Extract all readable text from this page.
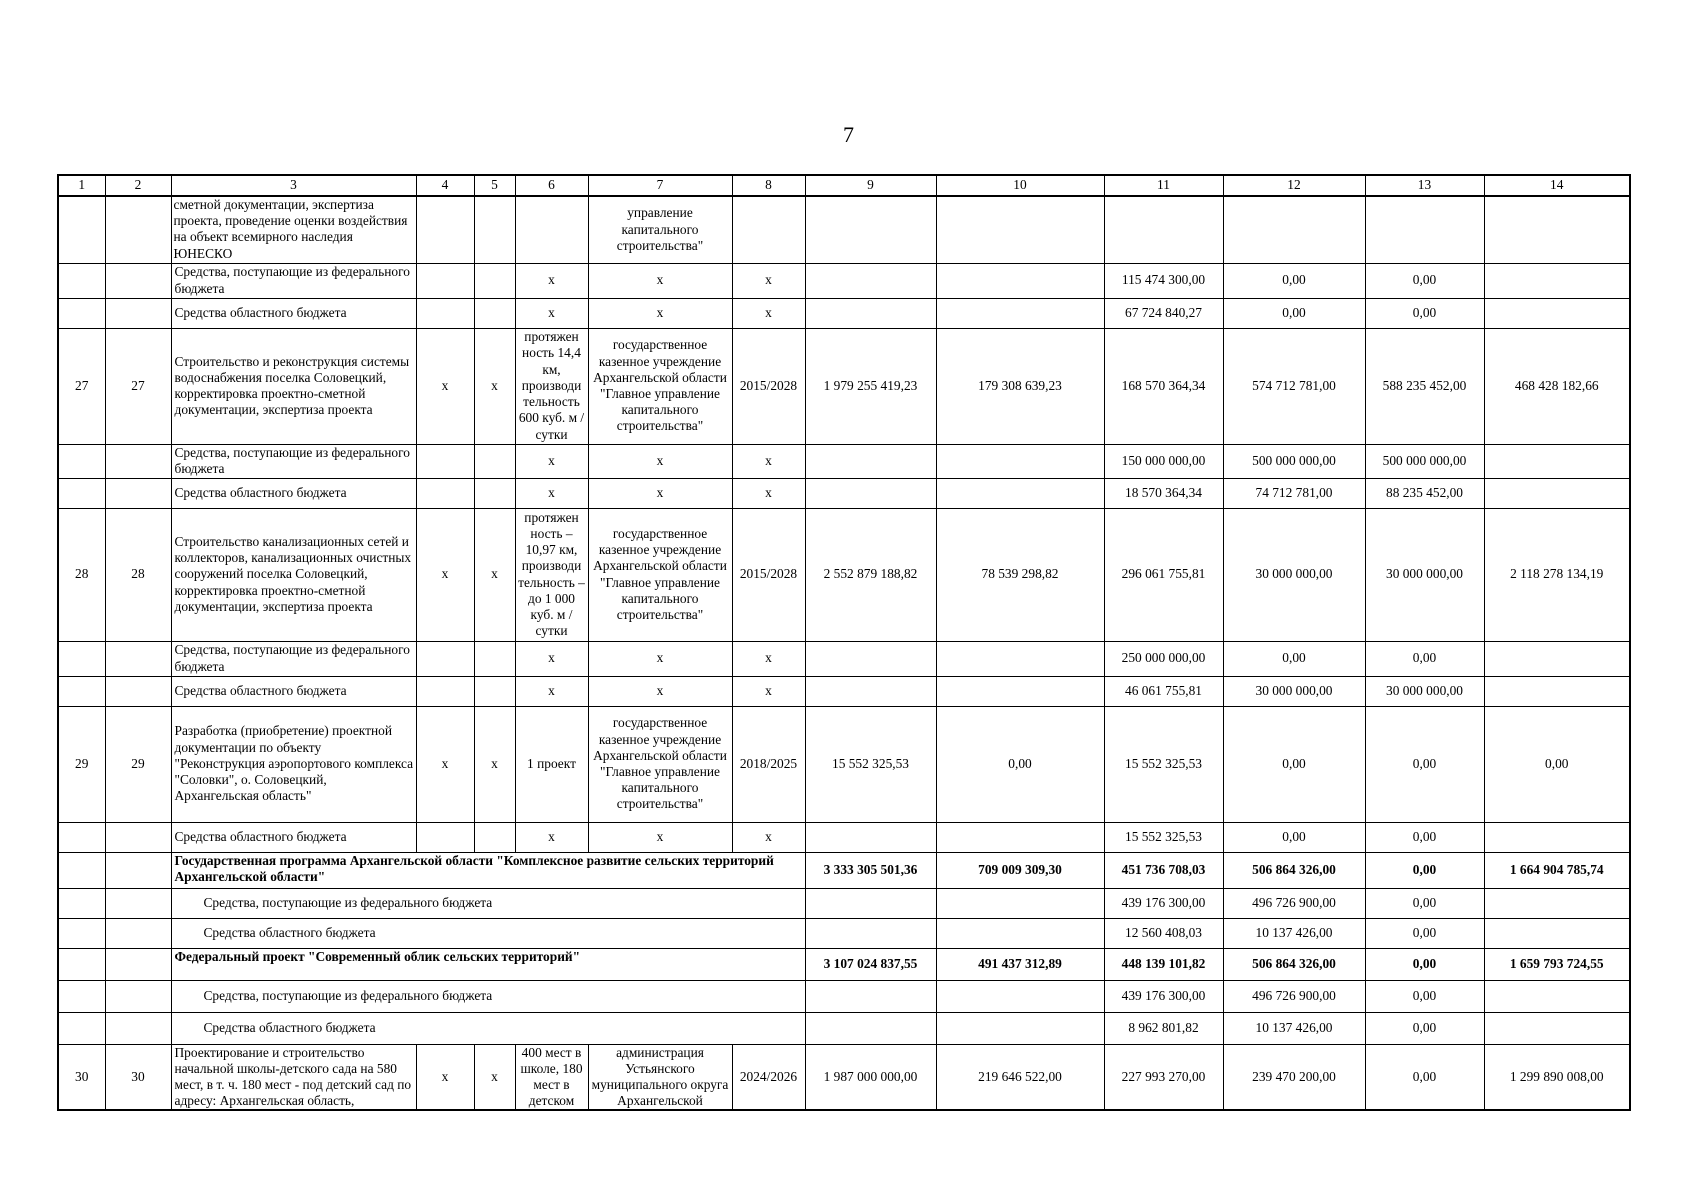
7
1	2	3	4	5	6	7	8	9	10	11	12	13	14
		сметной документации, экспертиза проекта, проведение оценки воздействия на объект всемирного наследия ЮНЕСКО				управление капитального строительства"							
		Средства, поступающие из федерального бюджета			x	x	x			115 474 300,00	0,00	0,00	
		Средства областного бюджета			x	x	x			67 724 840,27	0,00	0,00	
27	27	Строительство и реконструкция системы водоснабжения поселка Соловецкий, корректировка проектно-сметной документации, экспертиза проекта	x	x	протяжен ность 14,4 км, производи тельность 600 куб. м / сутки	государственное казенное учреждение Архангельской области "Главное управление капитального строительства"	2015/2028	1 979 255 419,23	179 308 639,23	168 570 364,34	574 712 781,00	588 235 452,00	468 428 182,66
		Средства, поступающие из федерального бюджета			x	x	x			150 000 000,00	500 000 000,00	500 000 000,00	
		Средства областного бюджета			x	x	x			18 570 364,34	74 712 781,00	88 235 452,00	
28	28	Строительство канализационных сетей и коллекторов, канализационных очистных сооружений поселка Соловецкий, корректировка проектно-сметной документации, экспертиза проекта	x	x	протяжен ность – 10,97 км, производи тельность – до 1 000 куб. м / сутки	государственное казенное учреждение Архангельской области "Главное управление капитального строительства"	2015/2028	2 552 879 188,82	78 539 298,82	296 061 755,81	30 000 000,00	30 000 000,00	2 118 278 134,19
		Средства, поступающие из федерального бюджета			x	x	x			250 000 000,00	0,00	0,00	
		Средства областного бюджета			x	x	x			46 061 755,81	30 000 000,00	30 000 000,00	
29	29	Разработка (приобретение) проектной документации по объекту "Реконструкция аэропортового комплекса "Соловки", о. Соловецкий, Архангельская область"	x	x	1 проект	государственное казенное учреждение Архангельской области "Главное управление капитального строительства"	2018/2025	15 552 325,53	0,00	15 552 325,53	0,00	0,00	0,00
		Средства областного бюджета			x	x	x			15 552 325,53	0,00	0,00	
		Государственная программа Архангельской области "Комплексное развитие сельских территорий Архангельской области"						3 333 305 501,36	709 009 309,30	451 736 708,03	506 864 326,00	0,00	1 664 904 785,74
		Средства, поступающие из федерального бюджета								439 176 300,00	496 726 900,00	0,00	
		Средства областного бюджета								12 560 408,03	10 137 426,00	0,00	
		Федеральный проект "Современный облик сельских территорий"						3 107 024 837,55	491 437 312,89	448 139 101,82	506 864 326,00	0,00	1 659 793 724,55
		Средства, поступающие из федерального бюджета								439 176 300,00	496 726 900,00	0,00	
		Средства областного бюджета								8 962 801,82	10 137 426,00	0,00	
30	30	Проектирование и строительство начальной школы-детского сада на 580 мест, в т. ч. 180 мест - под детский сад по адресу: Архангельская область,	x	x	400 мест в школе, 180 мест в детском	администрация Устьянского муниципального округа Архангельской	2024/2026	1 987 000 000,00	219 646 522,00	227 993 270,00	239 470 200,00	0,00	1 299 890 008,00
